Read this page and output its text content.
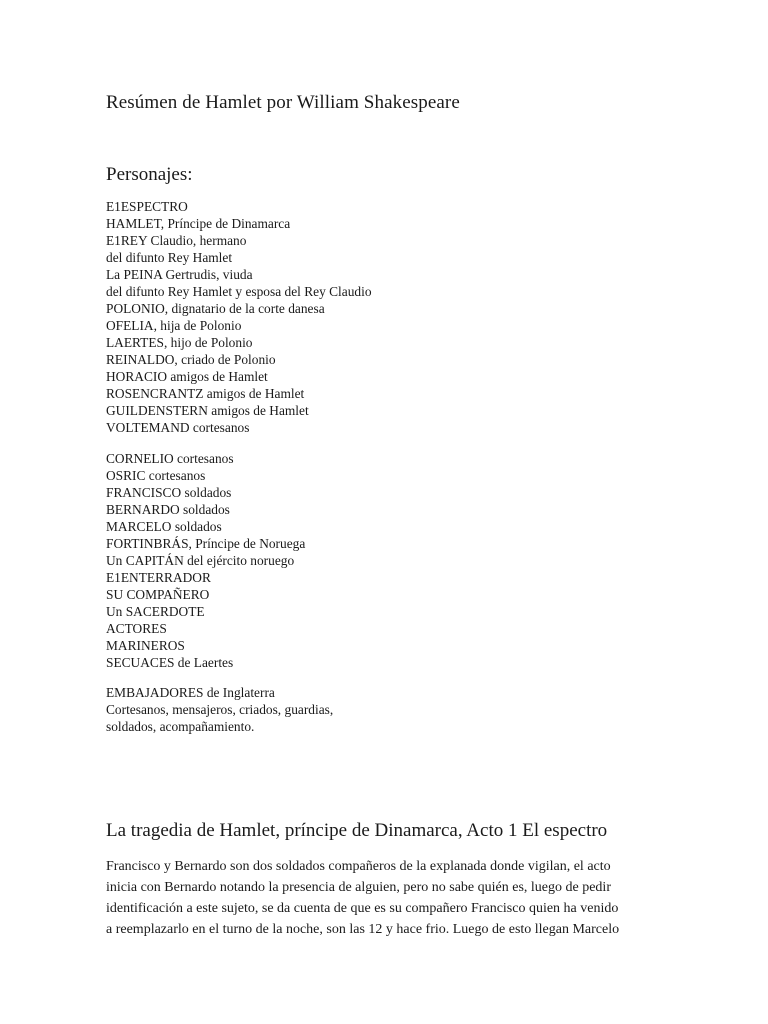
Resúmen de Hamlet por William Shakespeare
Personajes:
E1ESPECTRO
HAMLET, Príncipe de Dinamarca
E1REY Claudio, hermano
del difunto Rey Hamlet
La PEINA Gertrudis, viuda
del difunto Rey Hamlet y esposa del Rey Claudio
POLONIO, dignatario de la corte danesa
OFELIA, hija de Polonio
LAERTES, hijo de Polonio
REINALDO, criado de Polonio
HORACIO amigos de Hamlet
ROSENCRANTZ amigos de Hamlet
GUILDENSTERN amigos de Hamlet
VOLTEMAND cortesanos
CORNELIO cortesanos
OSRIC cortesanos
FRANCISCO soldados
BERNARDO soldados
MARCELO soldados
FORTINBRÁS, Príncipe de Noruega
Un CAPITÁN del ejército noruego
E1ENTERRADOR
SU COMPAÑERO
Un SACERDOTE
ACTORES
MARINEROS
SECUACES de Laertes
EMBAJADORES de Inglaterra
Cortesanos, mensajeros, criados, guardias,
soldados, acompañamiento.
La tragedia de Hamlet, príncipe de Dinamarca, Acto 1 El espectro

Francisco y Bernardo son dos soldados compañeros de la explanada donde vigilan, el acto
inicia con Bernardo notando la presencia de alguien, pero no sabe quién es, luego de pedir
identificación a este sujeto, se da cuenta de que es su compañero Francisco quien ha venido
a reemplazarlo en el turno de la noche, son las 12 y hace frio. Luego de esto llegan Marcelo
